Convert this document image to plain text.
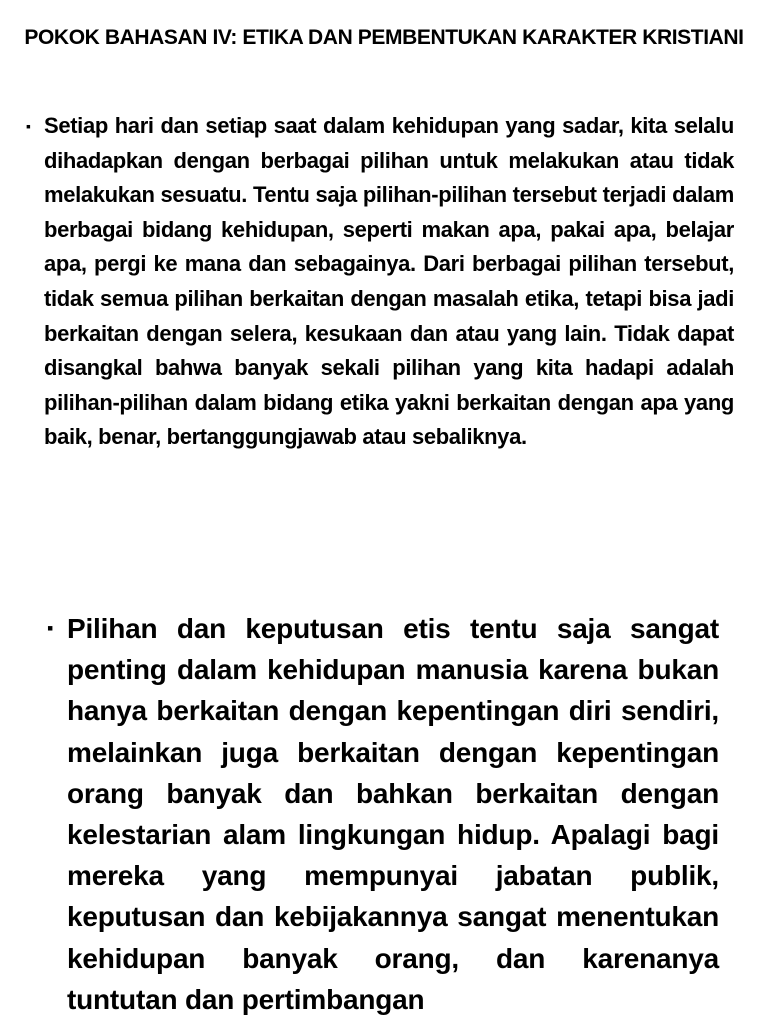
POKOK BAHASAN IV: ETIKA DAN PEMBENTUKAN KARAKTER KRISTIANI

▪ Setiap hari dan setiap saat dalam kehidupan yang sadar, kita selalu dihadapkan dengan berbagai pilihan untuk melakukan atau tidak melakukan sesuatu. Tentu saja pilihan-pilihan tersebut terjadi dalam berbagai bidang kehidupan, seperti makan apa, pakai apa, belajar apa, pergi ke mana dan sebagainya. Dari berbagai pilihan tersebut, tidak semua pilihan berkaitan dengan masalah etika, tetapi bisa jadi berkaitan dengan selera, kesukaan dan atau yang lain. Tidak dapat disangkal bahwa banyak sekali pilihan yang kita hadapi adalah pilihan-pilihan dalam bidang etika yakni berkaitan dengan apa yang baik, benar, bertanggungjawab atau sebaliknya.

▪ Pilihan dan keputusan etis tentu saja sangat penting dalam kehidupan manusia karena bukan hanya berkaitan dengan kepentingan diri sendiri, melainkan juga berkaitan dengan kepentingan orang banyak dan bahkan berkaitan dengan kelestarian alam lingkungan hidup. Apalagi bagi mereka yang mempunyai jabatan publik, keputusan dan kebijakannya sangat menentukan kehidupan banyak orang, dan karenanya tuntutan dan pertimbangan
